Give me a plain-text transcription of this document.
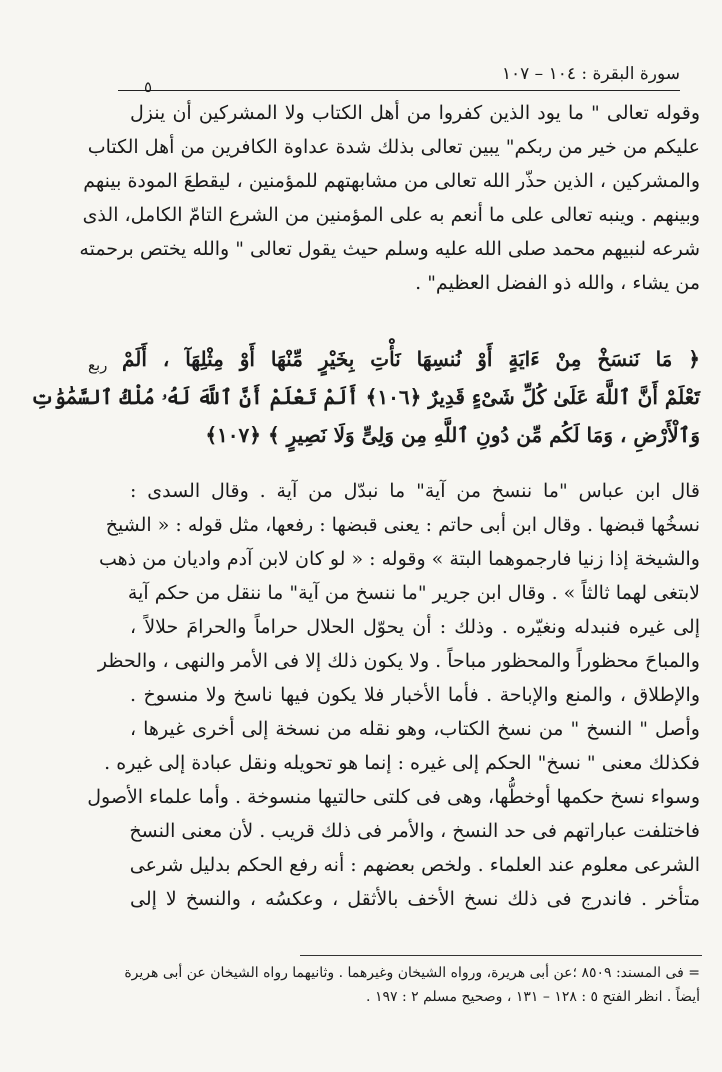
سورة البقرة : ١٠٤ – ١٠٧
٥
ربع
وقوله تعالى " ما يود الذين كفروا من أهل الكتاب ولا المشركين أن ينزل
عليكم من خير من ربكم" يبين تعالى بذلك شدة عداوة الكافرين من أهل الكتاب
والمشركين ، الذين حذّر الله تعالى من مشابهتهم للمؤمنين ، ليقطعَ المودة بينهم
وبينهم . وينبه تعالى على ما أنعم به على المؤمنين من الشرع التامّ الكامل، الذى
شرعه لنبيهم محمد صلى الله عليه وسلم حيث يقول تعالى " والله يختص برحمته
من يشاء ، والله ذو الفضل العظيم" .
﴿ مَا نَنسَخْ مِنْ ءَايَةٍ أَوْ نُنسِهَا نَأْتِ بِخَيْرٍ مِّنْهَا أَوْ مِثْلِهَآ ، أَلَمْ
تَعْلَمْ أَنَّ ٱللَّهَ عَلَىٰ كُلِّ شَىْءٍ قَدِيرٌ ﴿١٠٦﴾ أَلَمْ تَعْلَمْ أَنَّ ٱللَّهَ لَهُۥ مُلْكُ ٱلسَّمَٰوَٰتِ
وَٱلْأَرْضِ ، وَمَا لَكُم مِّن دُونِ ٱللَّهِ مِن وَلِىٍّ وَلَا نَصِيرٍ ﴾ ﴿١٠٧﴾
قال ابن عباس "ما ننسخ من آية" ما نبدّل من آية . وقال السدى :
نسخُها قبضها . وقال ابن أبى حاتم : يعنى قبضها : رفعها، مثل قوله : « الشيخ
والشيخة إذا زنيا فارجموهما البتة » وقوله : « لو كان لابن آدم واديان من ذهب
لابتغى لهما ثالثاً » . وقال ابن جرير "ما ننسخ من آية" ما ننقل من حكم آية
إلى غيره فنبدله ونغيّره . وذلك : أن يحوّل الحلال حراماً والحرامَ حلالاً ،
والمباحَ محظوراً والمحظور مباحاً . ولا يكون ذلك إلا فى الأمر والنهى ، والحظر
والإطلاق ، والمنع والإباحة . فأما الأخبار فلا يكون فيها ناسخ ولا منسوخ .
وأصل " النسخ " من نسخ الكتاب، وهو نقله من نسخة إلى أخرى غيرها ،
فكذلك معنى " نسخ" الحكم إلى غيره : إنما هو تحويله ونقل عبادة إلى غيره .
وسواء نسخ حكمها أوخطُّها، وهى فى كلتى حالتيها منسوخة . وأما علماء الأصول
فاختلفت عباراتهم فى حد النسخ ، والأمر فى ذلك قريب . لأن معنى النسخ
الشرعى معلوم عند العلماء . ولخص بعضهم : أنه رفع الحكم بدليل شرعى
متأخر . فاندرج فى ذلك نسخ الأخف بالأثقل ، وعكسُه ، والنسخ لا إلى
= فى المسند: ٨٥٠٩ ؛عن أبى هريرة، ورواه الشيخان وغيرهما . وثانيهما رواه الشيخان عن أبى هريرة
أيضاً . انظر الفتح ٥ : ١٢٨ – ١٣١ ، وصحيح مسلم ٢ : ١٩٧ .
